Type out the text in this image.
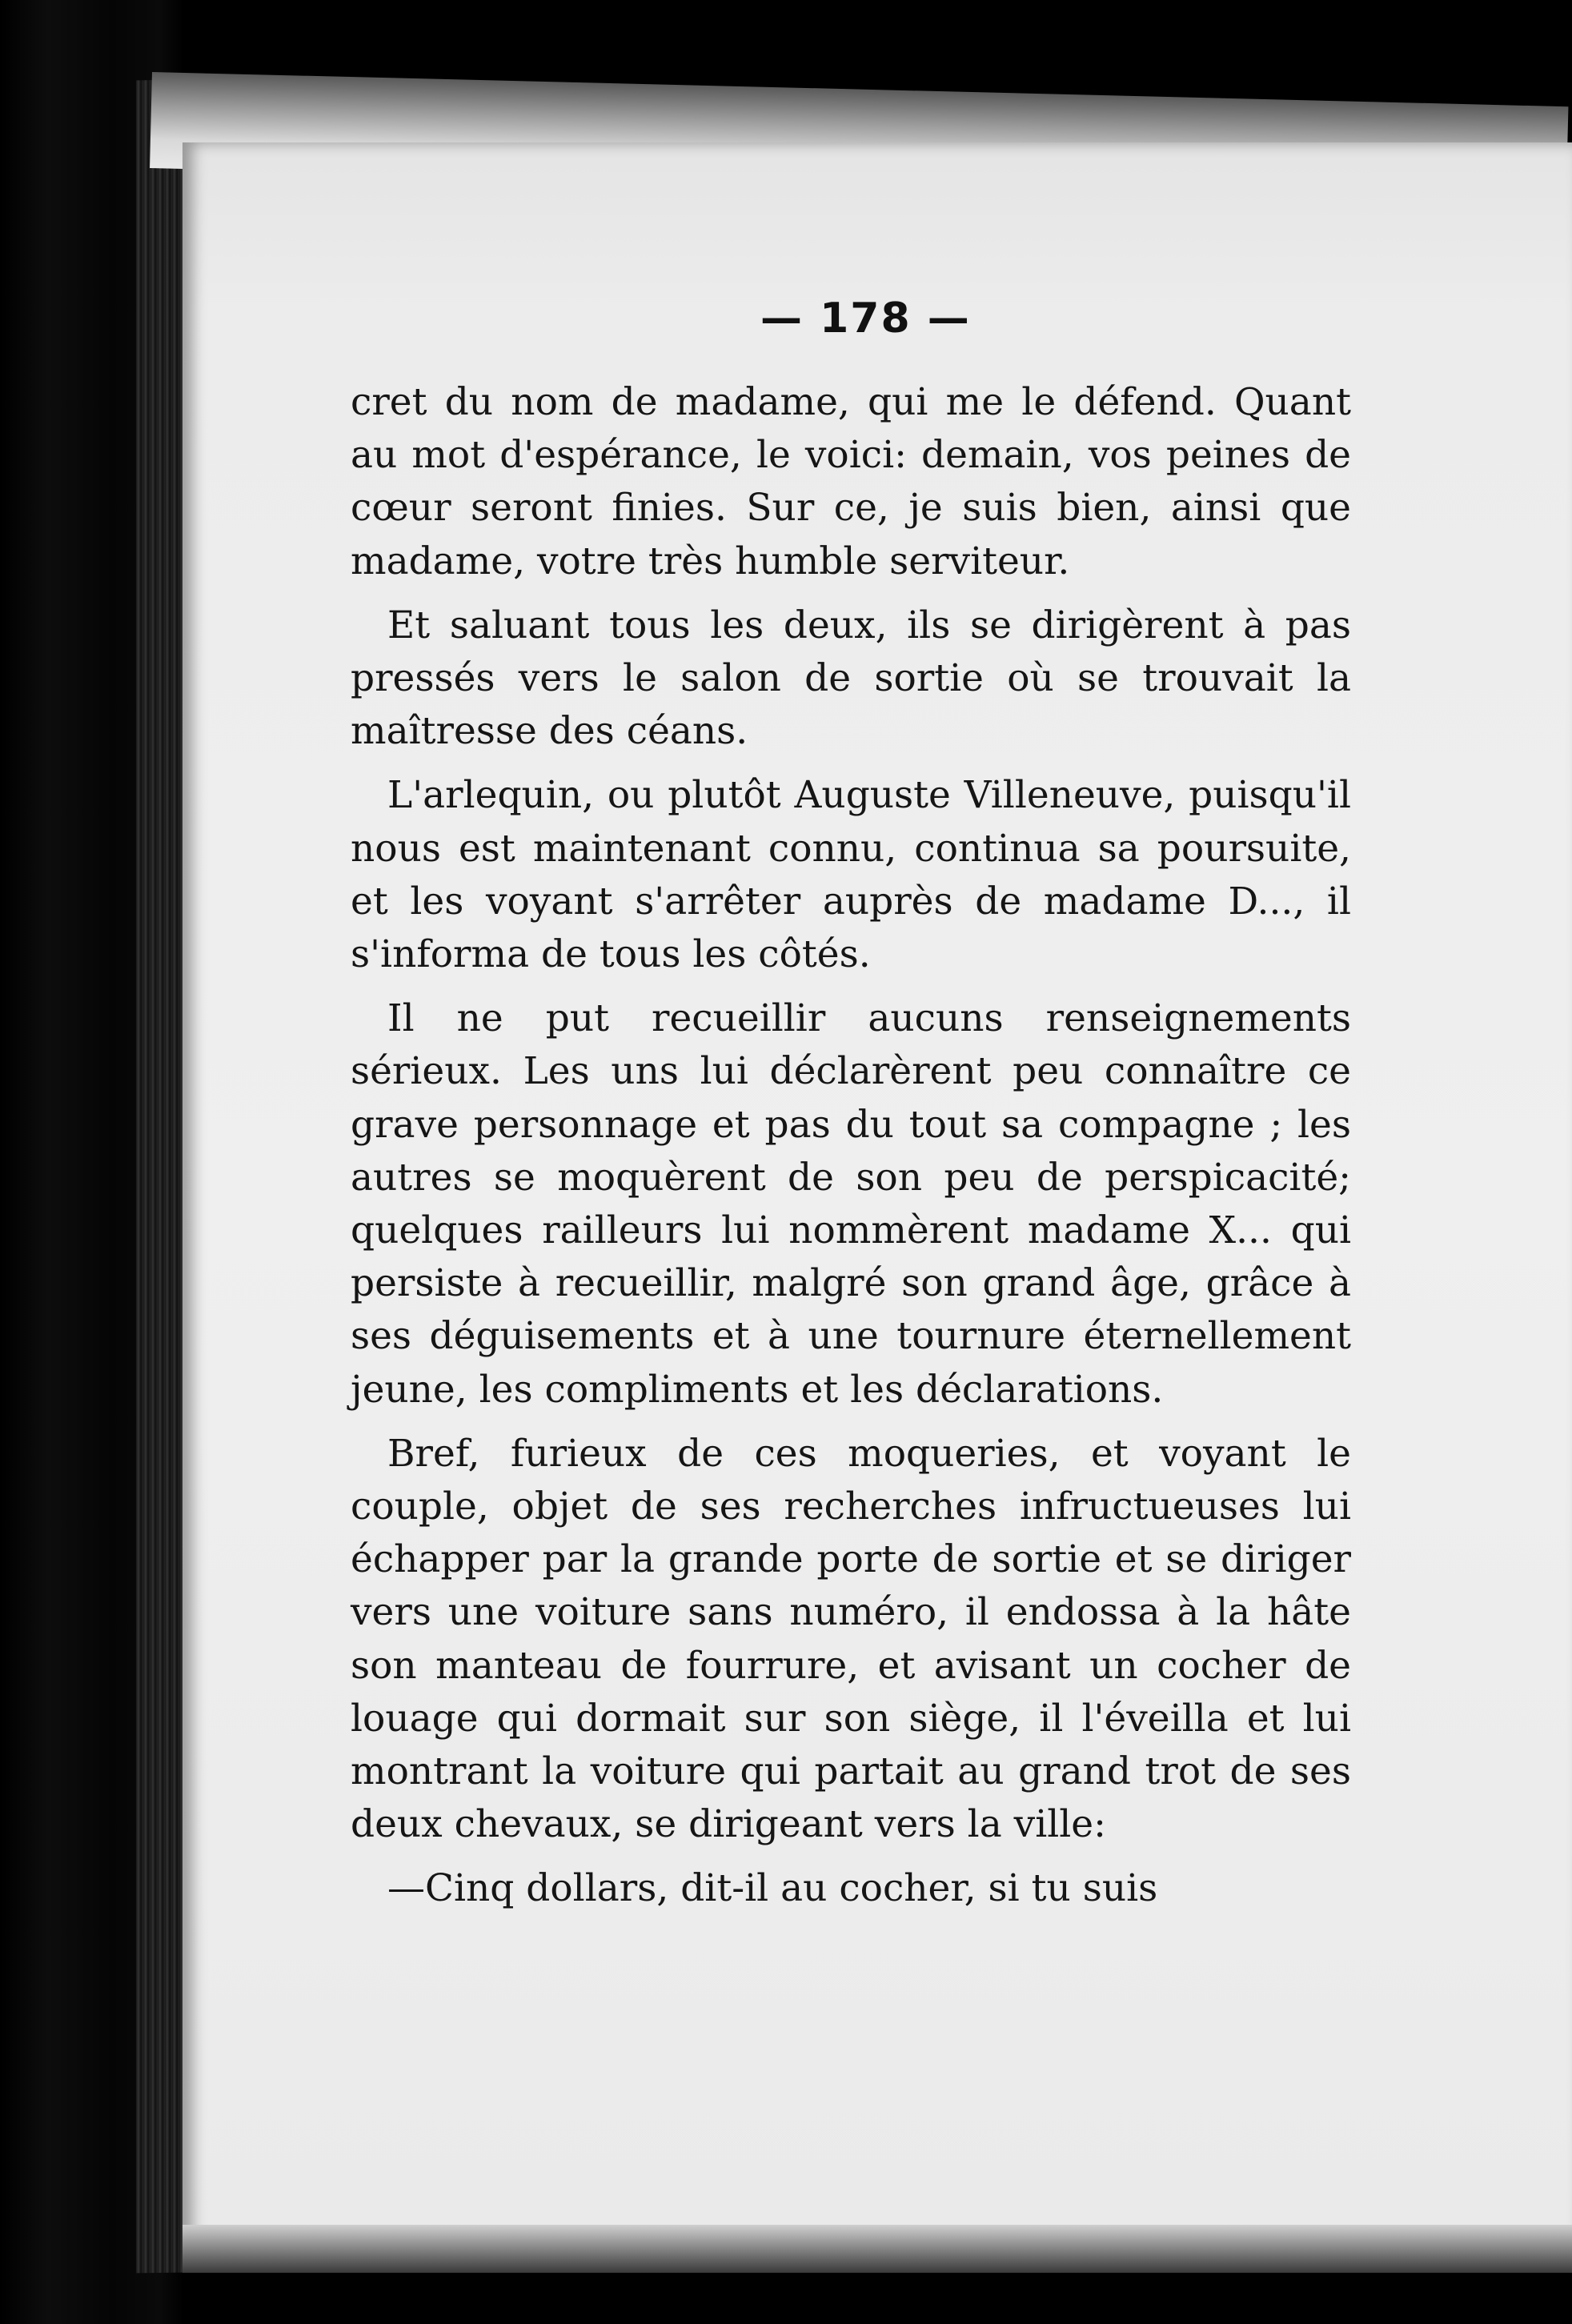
— 178 —

cret du nom de madame, qui me le défend. Quant au mot d'espérance, le voici: demain, vos peines de cœur seront finies. Sur ce, je suis bien, ainsi que madame, votre très humble serviteur.

Et saluant tous les deux, ils se dirigèrent à pas pressés vers le salon de sortie où se trouvait la maîtresse des céans.

L'arlequin, ou plutôt Auguste Villeneuve, puisqu'il nous est maintenant connu, continua sa poursuite, et les voyant s'arrêter auprès de madame D..., il s'informa de tous les côtés.

Il ne put recueillir aucuns renseignements sérieux. Les uns lui déclarèrent peu connaître ce grave personnage et pas du tout sa compagne ; les autres se moquèrent de son peu de perspicacité; quelques railleurs lui nommèrent madame X... qui persiste à recueillir, malgré son grand âge, grâce à ses déguisements et à une tournure éternellement jeune, les compliments et les déclarations.

Bref, furieux de ces moqueries, et voyant le couple, objet de ses recherches infructueuses lui échapper par la grande porte de sortie et se diriger vers une voiture sans numéro, il endossa à la hâte son manteau de fourrure, et avisant un cocher de louage qui dormait sur son siège, il l'éveilla et lui montrant la voiture qui partait au grand trot de ses deux chevaux, se dirigeant vers la ville:

—Cinq dollars, dit-il au cocher, si tu suis
